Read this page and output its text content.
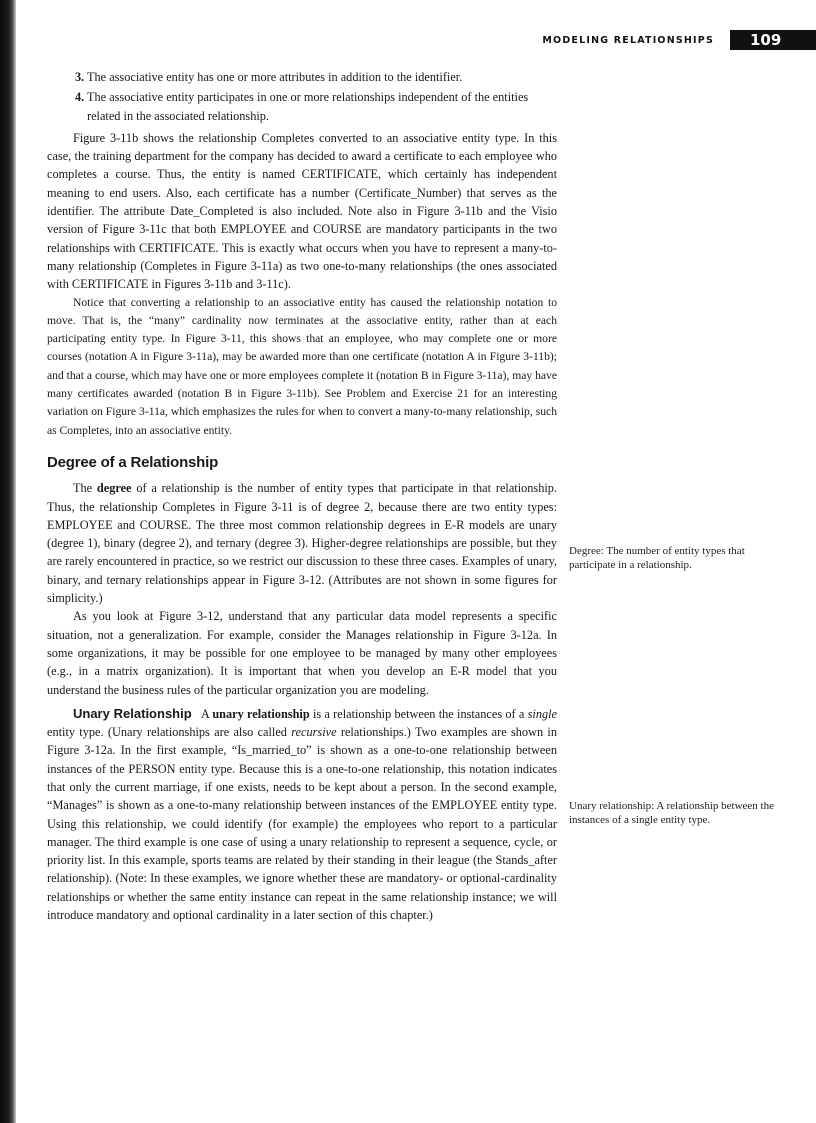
MODELING RELATIONSHIPS	109
3. The associative entity has one or more attributes in addition to the identifier.
4. The associative entity participates in one or more relationships independent of the entities related in the associated relationship.

Figure 3-11b shows the relationship Completes converted to an associative entity type. In this case, the training department for the company has decided to award a certificate to each employee who completes a course. Thus, the entity is named CERTIFICATE, which certainly has independent meaning to end users. Also, each certificate has a number (Certificate_Number) that serves as the identifier. The attribute Date_Completed is also included. Note also in Figure 3-11b and the Visio version of Figure 3-11c that both EMPLOYEE and COURSE are mandatory participants in the two relationships with CERTIFICATE. This is exactly what occurs when you have to represent a many-to-many relationship (Completes in Figure 3-11a) as two one-to-many relationships (the ones associated with CERTIFICATE in Figures 3-11b and 3-11c).

Notice that converting a relationship to an associative entity has caused the relationship notation to move. That is, the “many” cardinality now terminates at the associative entity, rather than at each participating entity type. In Figure 3-11, this shows that an employee, who may complete one or more courses (notation A in Figure 3-11a), may be awarded more than one certificate (notation A in Figure 3-11b); and that a course, which may have one or more employees complete it (notation B in Figure 3-11a), may have many certificates awarded (notation B in Figure 3-11b). See Problem and Exercise 21 for an interesting variation on Figure 3-11a, which emphasizes the rules for when to convert a many-to-many relationship, such as Completes, into an associative entity.

Degree of a Relationship

The degree of a relationship is the number of entity types that participate in that relationship. Thus, the relationship Completes in Figure 3-11 is of degree 2, because there are two entity types: EMPLOYEE and COURSE. The three most common relationship degrees in E-R models are unary (degree 1), binary (degree 2), and ternary (degree 3). Higher-degree relationships are possible, but they are rarely encountered in practice, so we restrict our discussion to these three cases. Examples of unary, binary, and ternary relationships appear in Figure 3-12. (Attributes are not shown in some figures for simplicity.)

As you look at Figure 3-12, understand that any particular data model represents a specific situation, not a generalization. For example, consider the Manages relationship in Figure 3-12a. In some organizations, it may be possible for one employee to be managed by many other employees (e.g., in a matrix organization). It is important that when you develop an E-R model that you understand the business rules of the particular organization you are modeling.

Unary Relationship A unary relationship is a relationship between the instances of a single entity type. (Unary relationships are also called recursive relationships.) Two examples are shown in Figure 3-12a. In the first example, “Is_married_to” is shown as a one-to-one relationship between instances of the PERSON entity type. Because this is a one-to-one relationship, this notation indicates that only the current marriage, if one exists, needs to be kept about a person. In the second example, “Manages” is shown as a one-to-many relationship between instances of the EMPLOYEE entity type. Using this relationship, we could identify (for example) the employees who report to a particular manager. The third example is one case of using a unary relationship to represent a sequence, cycle, or priority list. In this example, sports teams are related by their standing in their league (the Stands_after relationship). (Note: In these examples, we ignore whether these are mandatory- or optional-cardinality relationships or whether the same entity instance can repeat in the same relationship instance; we will introduce mandatory and optional cardinality in a later section of this chapter.)

Degree: The number of entity types that participate in a relationship.
Unary relationship: A relationship between the instances of a single entity type.
